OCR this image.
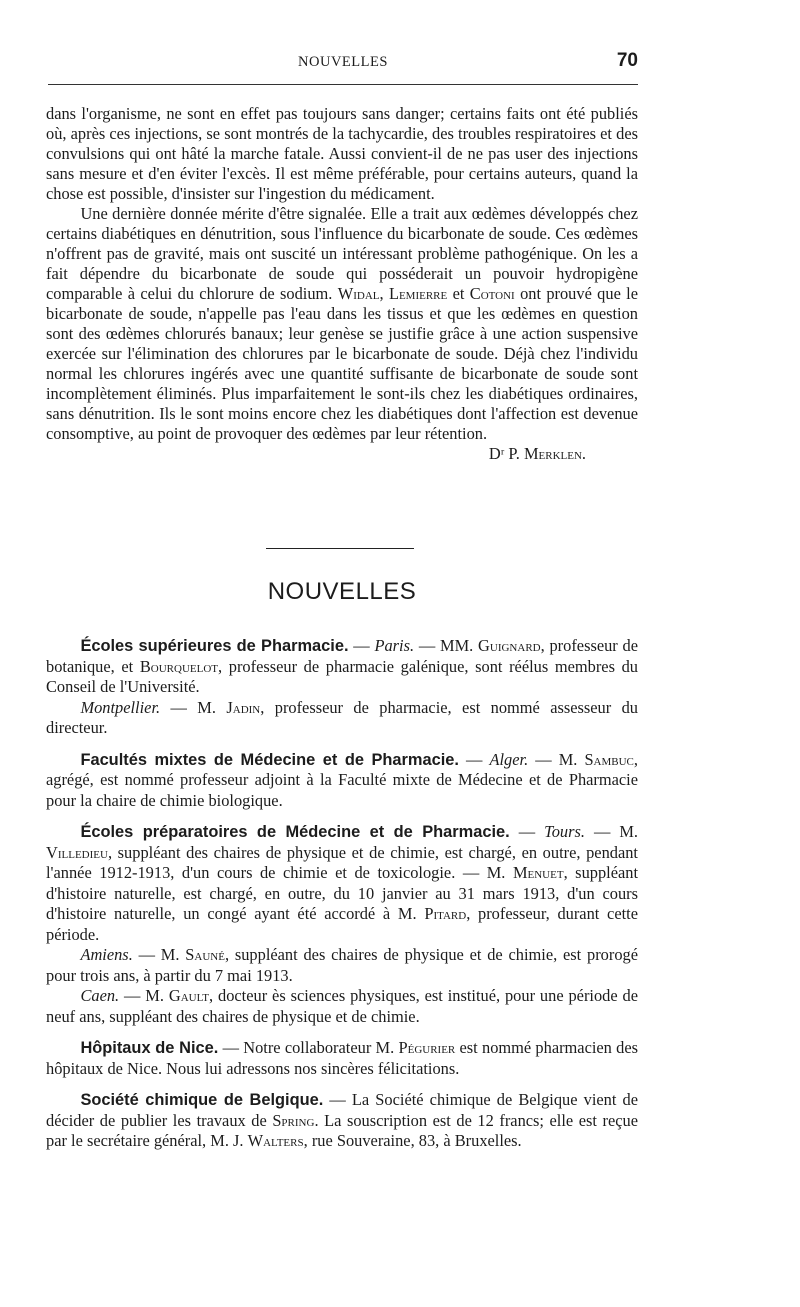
NOUVELLES	70

dans l'organisme, ne sont en effet pas toujours sans danger; certains faits ont été publiés où, après ces injections, se sont montrés de la tachycardie, des troubles respiratoires et des convulsions qui ont hâté la marche fatale. Aussi convient-il de ne pas user des injections sans mesure et d'en éviter l'excès. Il est même préférable, pour certains auteurs, quand la chose est possible, d'insister sur l'ingestion du médicament.

Une dernière donnée mérite d'être signalée. Elle a trait aux œdèmes développés chez certains diabétiques en dénutrition, sous l'influence du bicarbonate de soude. Ces œdèmes n'offrent pas de gravité, mais ont suscité un intéressant problème pathogénique. On les a fait dépendre du bicarbonate de soude qui posséderait un pouvoir hydropigène comparable à celui du chlorure de sodium. Widal, Lemierre et Cotoni ont prouvé que le bicarbonate de soude, n'appelle pas l'eau dans les tissus et que les œdèmes en question sont des œdèmes chlorurés banaux; leur genèse se justifie grâce à une action suspensive exercée sur l'élimination des chlorures par le bicarbonate de soude. Déjà chez l'individu normal les chlorures ingérés avec une quantité suffisante de bicarbonate de soude sont incomplètement éliminés. Plus imparfaitement le sont-ils chez les diabétiques ordinaires, sans dénutrition. Ils le sont moins encore chez les diabétiques dont l'affection est devenue consomptive, au point de provoquer des œdèmes par leur rétention.

Dʳ P. Merklen.

NOUVELLES

Écoles supérieures de Pharmacie. — Paris. — MM. Guignard, professeur de botanique, et Bourquelot, professeur de pharmacie galénique, sont réélus membres du Conseil de l'Université.

Montpellier. — M. Jadin, professeur de pharmacie, est nommé assesseur du directeur.

Facultés mixtes de Médecine et de Pharmacie. — Alger. — M. Sambuc, agrégé, est nommé professeur adjoint à la Faculté mixte de Médecine et de Pharmacie pour la chaire de chimie biologique.

Écoles préparatoires de Médecine et de Pharmacie. — Tours. — M. Villedieu, suppléant des chaires de physique et de chimie, est chargé, en outre, pendant l'année 1912-1913, d'un cours de chimie et de toxicologie. — M. Menuet, suppléant d'histoire naturelle, est chargé, en outre, du 10 janvier au 31 mars 1913, d'un cours d'histoire naturelle, un congé ayant été accordé à M. Pitard, professeur, durant cette période.

Amiens. — M. Sauné, suppléant des chaires de physique et de chimie, est prorogé pour trois ans, à partir du 7 mai 1913.

Caen. — M. Gault, docteur ès sciences physiques, est institué, pour une période de neuf ans, suppléant des chaires de physique et de chimie.

Hôpitaux de Nice. — Notre collaborateur M. Pégurier est nommé pharmacien des hôpitaux de Nice. Nous lui adressons nos sincères félicitations.

Société chimique de Belgique. — La Société chimique de Belgique vient de décider de publier les travaux de Spring. La souscription est de 12 francs; elle est reçue par le secrétaire général, M. J. Walters, rue Souveraine, 83, à Bruxelles.
